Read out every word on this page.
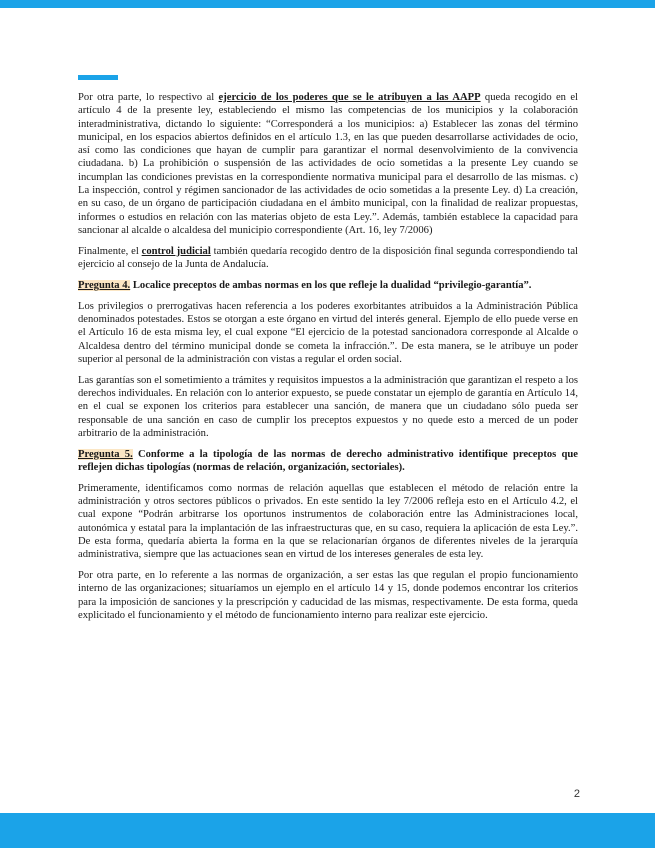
Por otra parte, lo respectivo al ejercicio de los poderes que se le atribuyen a las AAPP queda recogido en el artículo 4 de la presente ley, estableciendo el mismo las competencias de los municipios y la colaboración interadministrativa, dictando lo siguiente: “Corresponderá a los municipios: a) Establecer las zonas del término municipal, en los espacios abiertos definidos en el artículo 1.3, en las que pueden desarrollarse actividades de ocio, así como las condiciones que hayan de cumplir para garantizar el normal desenvolvimiento de la convivencia ciudadana. b) La prohibición o suspensión de las actividades de ocio sometidas a la presente Ley cuando se incumplan las condiciones previstas en la correspondiente normativa municipal para el desarrollo de las mismas. c) La inspección, control y régimen sancionador de las actividades de ocio sometidas a la presente Ley. d) La creación, en su caso, de un órgano de participación ciudadana en el ámbito municipal, con la finalidad de realizar propuestas, informes o estudios en relación con las materias objeto de esta Ley.”. Además, también establece la capacidad para sancionar al alcalde o alcaldesa del municipio correspondiente (Art. 16, ley 7/2006)

Finalmente, el control judicial también quedaría recogido dentro de la disposición final segunda correspondiendo tal ejercicio al consejo de la Junta de Andalucía.

Pregunta 4. Localice preceptos de ambas normas en los que refleje la dualidad “privilegio-garantía”.

Los privilegios o prerrogativas hacen referencia a los poderes exorbitantes atribuidos a la Administración Pública denominados potestades. Estos se otorgan a este órgano en virtud del interés general. Ejemplo de ello puede verse en el Artículo 16 de esta misma ley, el cual expone “El ejercicio de la potestad sancionadora corresponde al Alcalde o Alcaldesa dentro del término municipal donde se cometa la infracción.”. De esta manera, se le atribuye un poder superior al personal de la administración con vistas a regular el orden social.

Las garantías son el sometimiento a trámites y requisitos impuestos a la administración que garantizan el respeto a los derechos individuales. En relación con lo anterior expuesto, se puede constatar un ejemplo de garantía en Artículo 14, en el cual se exponen los criterios para establecer una sanción, de manera que un ciudadano sólo pueda ser responsable de una sanción en caso de cumplir los preceptos expuestos y no quede esto a merced de un poder arbitrario de la administración.

Pregunta 5. Conforme a la tipología de las normas de derecho administrativo identifique preceptos que reflejen dichas tipologías (normas de relación, organización, sectoriales).

Primeramente, identificamos como normas de relación aquellas que establecen el método de relación entre la administración y otros sectores públicos o privados. En este sentido la ley 7/2006 refleja esto en el Artículo 4.2, el cual expone “Podrán arbitrarse los oportunos instrumentos de colaboración entre las Administraciones local, autonómica y estatal para la implantación de las infraestructuras que, en su caso, requiera la aplicación de esta Ley.”. De esta forma, quedaría abierta la forma en la que se relacionarían órganos de diferentes niveles de la jerarquía administrativa, siempre que las actuaciones sean en virtud de los intereses generales de esta ley.

Por otra parte, en lo referente a las normas de organización, a ser estas las que regulan el propio funcionamiento interno de las organizaciones; situaríamos un ejemplo en el artículo 14 y 15, donde podemos encontrar los criterios para la imposición de sanciones y la prescripción y caducidad de las mismas, respectivamente. De esta forma, queda explicitado el funcionamiento y el método de funcionamiento interno para realizar este ejercicio.

2
